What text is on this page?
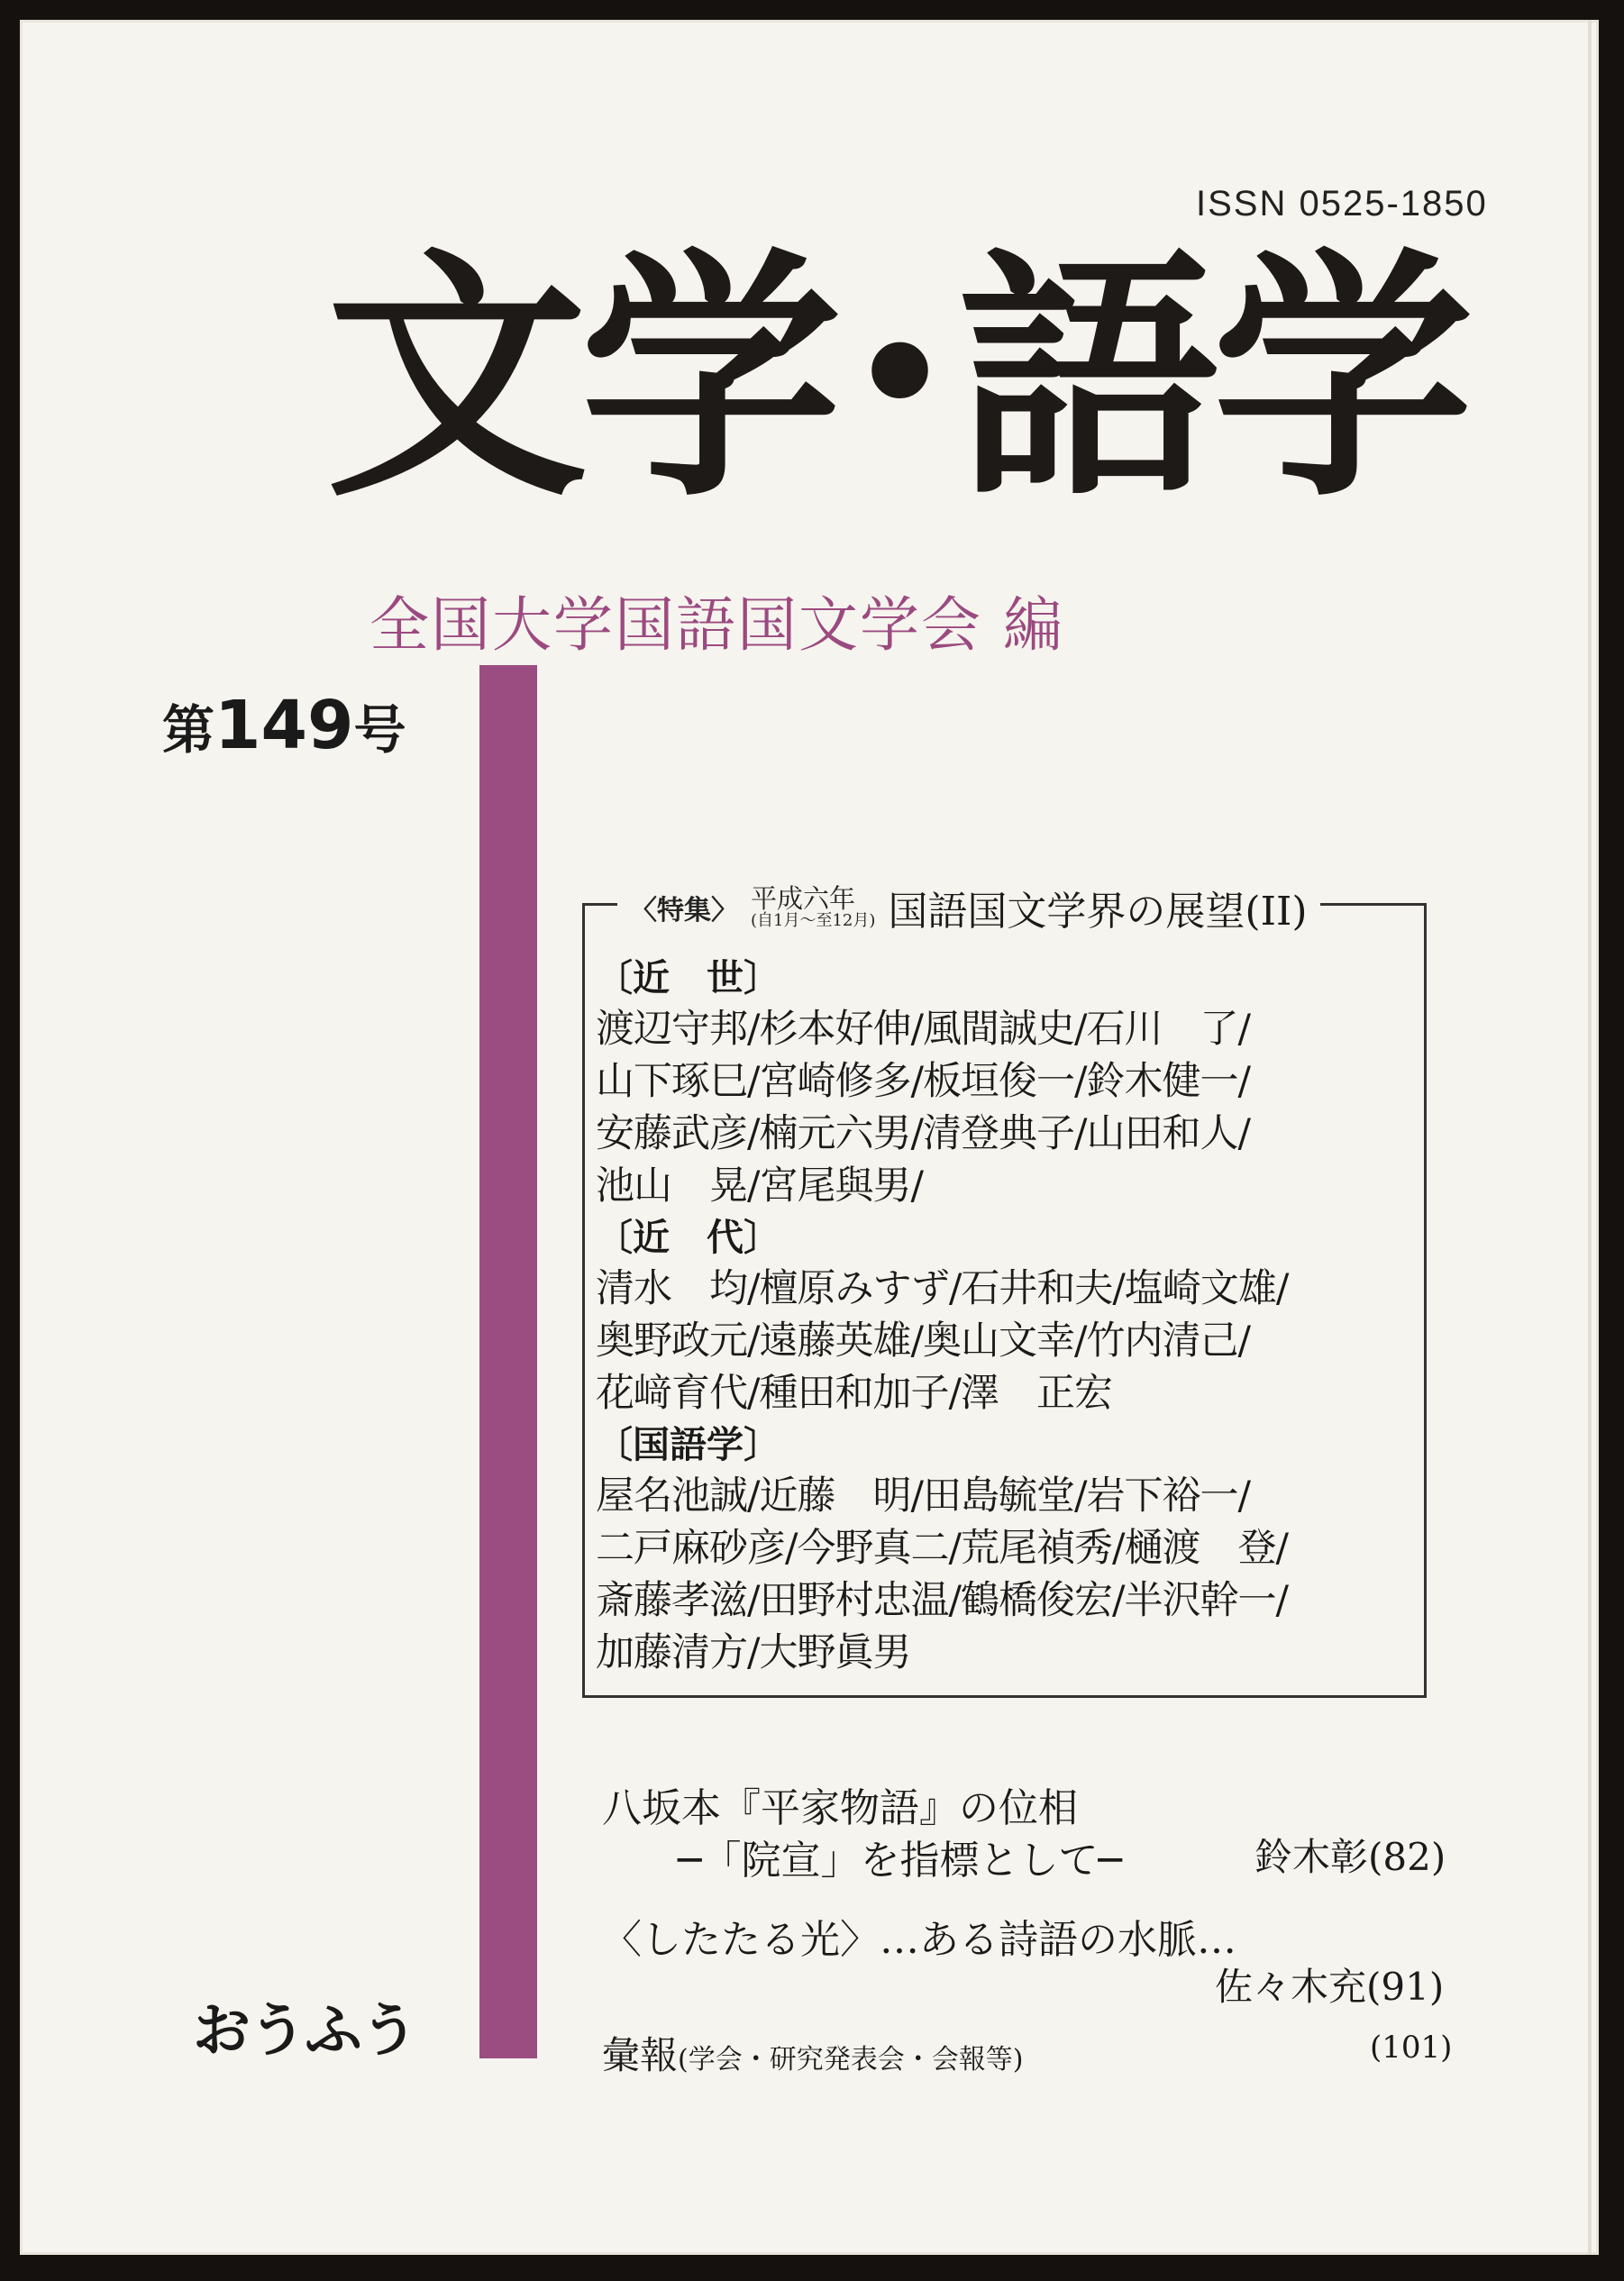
ISSN 0525-1850
文学･語学
全国大学国語国文学会 編
第149号
おうふう
〈特集〉 平成六年
(自1月～至12月) 国語国文学界の展望(II)
〔近　世〕
渡辺守邦/杉本好伸/風間誠史/石川　了/
山下琢巳/宮崎修多/板垣俊一/鈴木健一/
安藤武彦/楠元六男/清登典子/山田和人/
池山　晃/宮尾與男/
〔近　代〕
清水　均/檀原みすず/石井和夫/塩崎文雄/
奥野政元/遠藤英雄/奥山文幸/竹内清己/
花﨑育代/種田和加子/澤　正宏
〔国語学〕
屋名池誠/近藤　明/田島毓堂/岩下裕一/
二戸麻砂彦/今野真二/荒尾禎秀/樋渡　登/
斎藤孝滋/田野村忠温/鶴橋俊宏/半沢幹一/
加藤清方/大野眞男
八坂本『平家物語』の位相
─「院宣」を指標として─	鈴木彰(82)
〈したたる光〉…ある詩語の水脈…
佐々木充(91)
彙報(学会・研究発表会・会報等)	(101)
